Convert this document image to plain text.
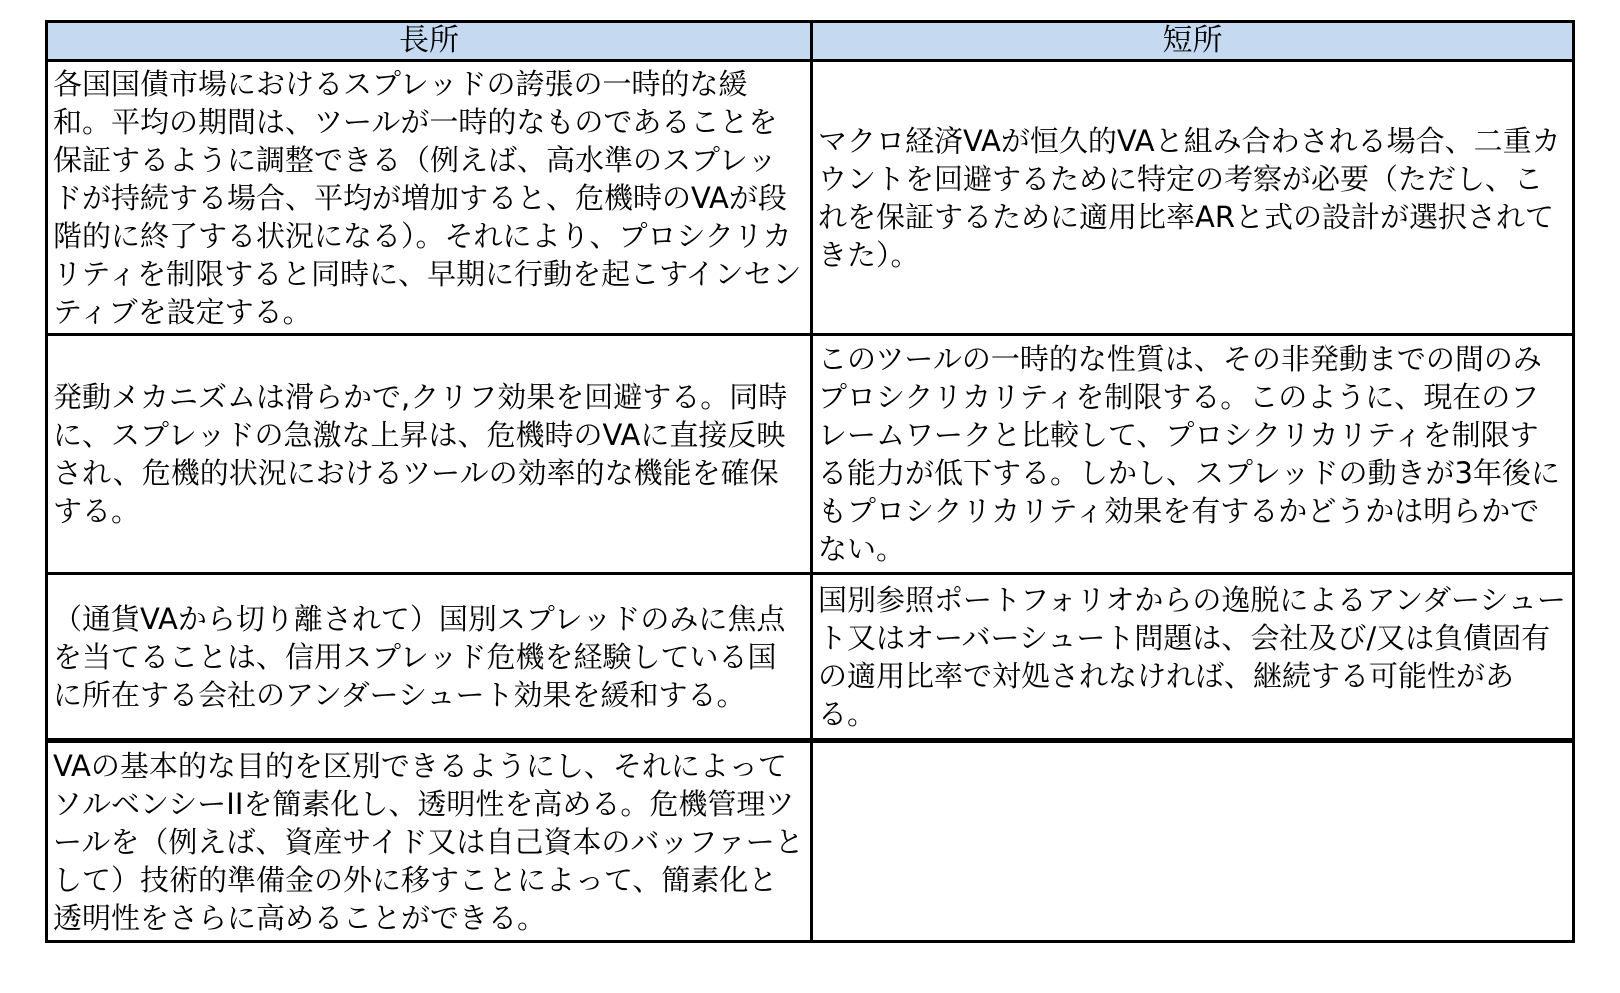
長所	短所
各国国債市場におけるスプレッドの誇張の一時的な緩和。平均の期間は、ツールが一時的なものであることを保証するように調整できる（例えば、高水準のスプレッドが持続する場合、平均が増加すると、危機時のVAが段階的に終了する状況になる）。それにより、プロシクリカリティを制限すると同時に、早期に行動を起こすインセンティブを設定する。	マクロ経済VAが恒久的VAと組み合わされる場合、二重カウントを回避するために特定の考察が必要（ただし、これを保証するために適用比率ARと式の設計が選択されてきた）。
発動メカニズムは滑らかで,クリフ効果を回避する。同時に、スプレッドの急激な上昇は、危機時のVAに直接反映され、危機的状況におけるツールの効率的な機能を確保する。	このツールの一時的な性質は、その非発動までの間のみプロシクリカリティを制限する。このように、現在のフレームワークと比較して、プロシクリカリティを制限する能力が低下する。しかし、スプレッドの動きが3年後にもプロシクリカリティ効果を有するかどうかは明らかでない。
（通貨VAから切り離されて）国別スプレッドのみに焦点を当てることは、信用スプレッド危機を経験している国に所在する会社のアンダーシュート効果を緩和する。	国別参照ポートフォリオからの逸脱によるアンダーシュート又はオーバーシュート問題は、会社及び/又は負債固有の適用比率で対処されなければ、継続する可能性がある。
VAの基本的な目的を区別できるようにし、それによってソルベンシーIIを簡素化し、透明性を高める。危機管理ツールを（例えば、資産サイド又は自己資本のバッファーとして）技術的準備金の外に移すことによって、簡素化と透明性をさらに高めることができる。	
